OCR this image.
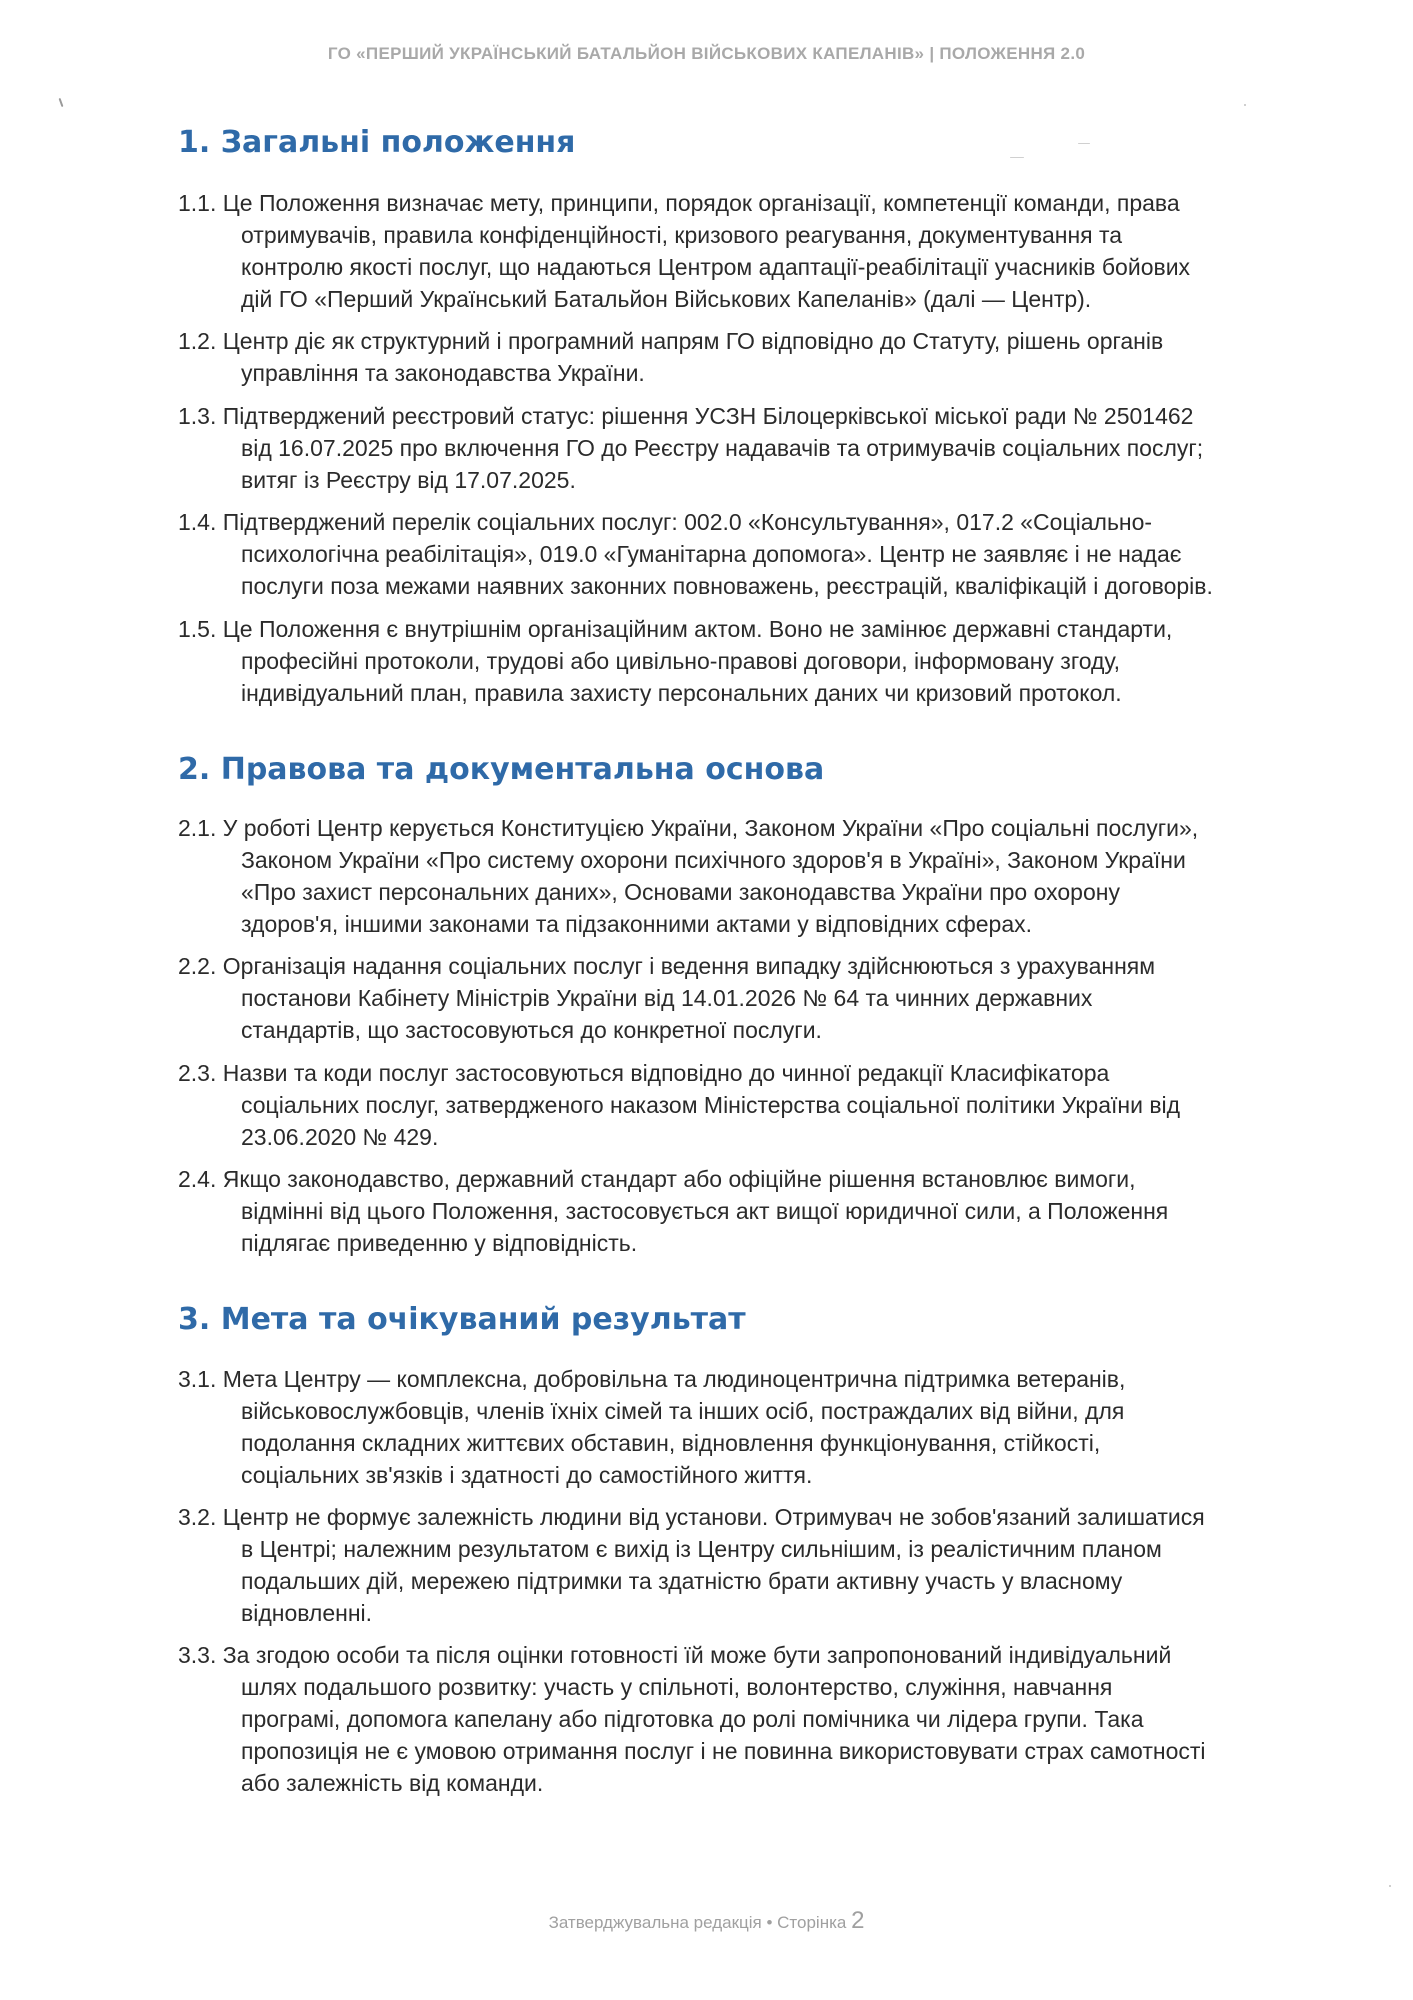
ГО «ПЕРШИЙ УКРАЇНСЬКИЙ БАТАЛЬЙОН ВІЙСЬКОВИХ КАПЕЛАНІВ» | ПОЛОЖЕННЯ 2.0
1. Загальні положення
1.1. Це Положення визначає мету, принципи, порядок організації, компетенції команди, права
отримувачів, правила конфіденційності, кризового реагування, документування та
контролю якості послуг, що надаються Центром адаптації-реабілітації учасників бойових
дій ГО «Перший Український Батальйон Військових Капеланів» (далі — Центр).
1.2. Центр діє як структурний і програмний напрям ГО відповідно до Статуту, рішень органів
управління та законодавства України.
1.3. Підтверджений реєстровий статус: рішення УСЗН Білоцерківської міської ради № 2501462
від 16.07.2025 про включення ГО до Реєстру надавачів та отримувачів соціальних послуг;
витяг із Реєстру від 17.07.2025.
1.4. Підтверджений перелік соціальних послуг: 002.0 «Консультування», 017.2 «Соціально-
психологічна реабілітація», 019.0 «Гуманітарна допомога». Центр не заявляє і не надає
послуги поза межами наявних законних повноважень, реєстрацій, кваліфікацій і договорів.
1.5. Це Положення є внутрішнім організаційним актом. Воно не замінює державні стандарти,
професійні протоколи, трудові або цивільно-правові договори, інформовану згоду,
індивідуальний план, правила захисту персональних даних чи кризовий протокол.
2. Правова та документальна основа
2.1. У роботі Центр керується Конституцією України, Законом України «Про соціальні послуги»,
Законом України «Про систему охорони психічного здоров'я в Україні», Законом України
«Про захист персональних даних», Основами законодавства України про охорону
здоров'я, іншими законами та підзаконними актами у відповідних сферах.
2.2. Організація надання соціальних послуг і ведення випадку здійснюються з урахуванням
постанови Кабінету Міністрів України від 14.01.2026 № 64 та чинних державних
стандартів, що застосовуються до конкретної послуги.
2.3. Назви та коди послуг застосовуються відповідно до чинної редакції Класифікатора
соціальних послуг, затвердженого наказом Міністерства соціальної політики України від
23.06.2020 № 429.
2.4. Якщо законодавство, державний стандарт або офіційне рішення встановлює вимоги,
відмінні від цього Положення, застосовується акт вищої юридичної сили, а Положення
підлягає приведенню у відповідність.
3. Мета та очікуваний результат
3.1. Мета Центру — комплексна, добровільна та людиноцентрична підтримка ветеранів,
військовослужбовців, членів їхніх сімей та інших осіб, постраждалих від війни, для
подолання складних життєвих обставин, відновлення функціонування, стійкості,
соціальних зв'язків і здатності до самостійного життя.
3.2. Центр не формує залежність людини від установи. Отримувач не зобов'язаний залишатися
в Центрі; належним результатом є вихід із Центру сильнішим, із реалістичним планом
подальших дій, мережею підтримки та здатністю брати активну участь у власному
відновленні.
3.3. За згодою особи та після оцінки готовності їй може бути запропонований індивідуальний
шлях подальшого розвитку: участь у спільноті, волонтерство, служіння, навчання
програмі, допомога капелану або підготовка до ролі помічника чи лідера групи. Така
пропозиція не є умовою отримання послуг і не повинна використовувати страх самотності
або залежність від команди.
Затверджувальна редакція • Сторінка 2
